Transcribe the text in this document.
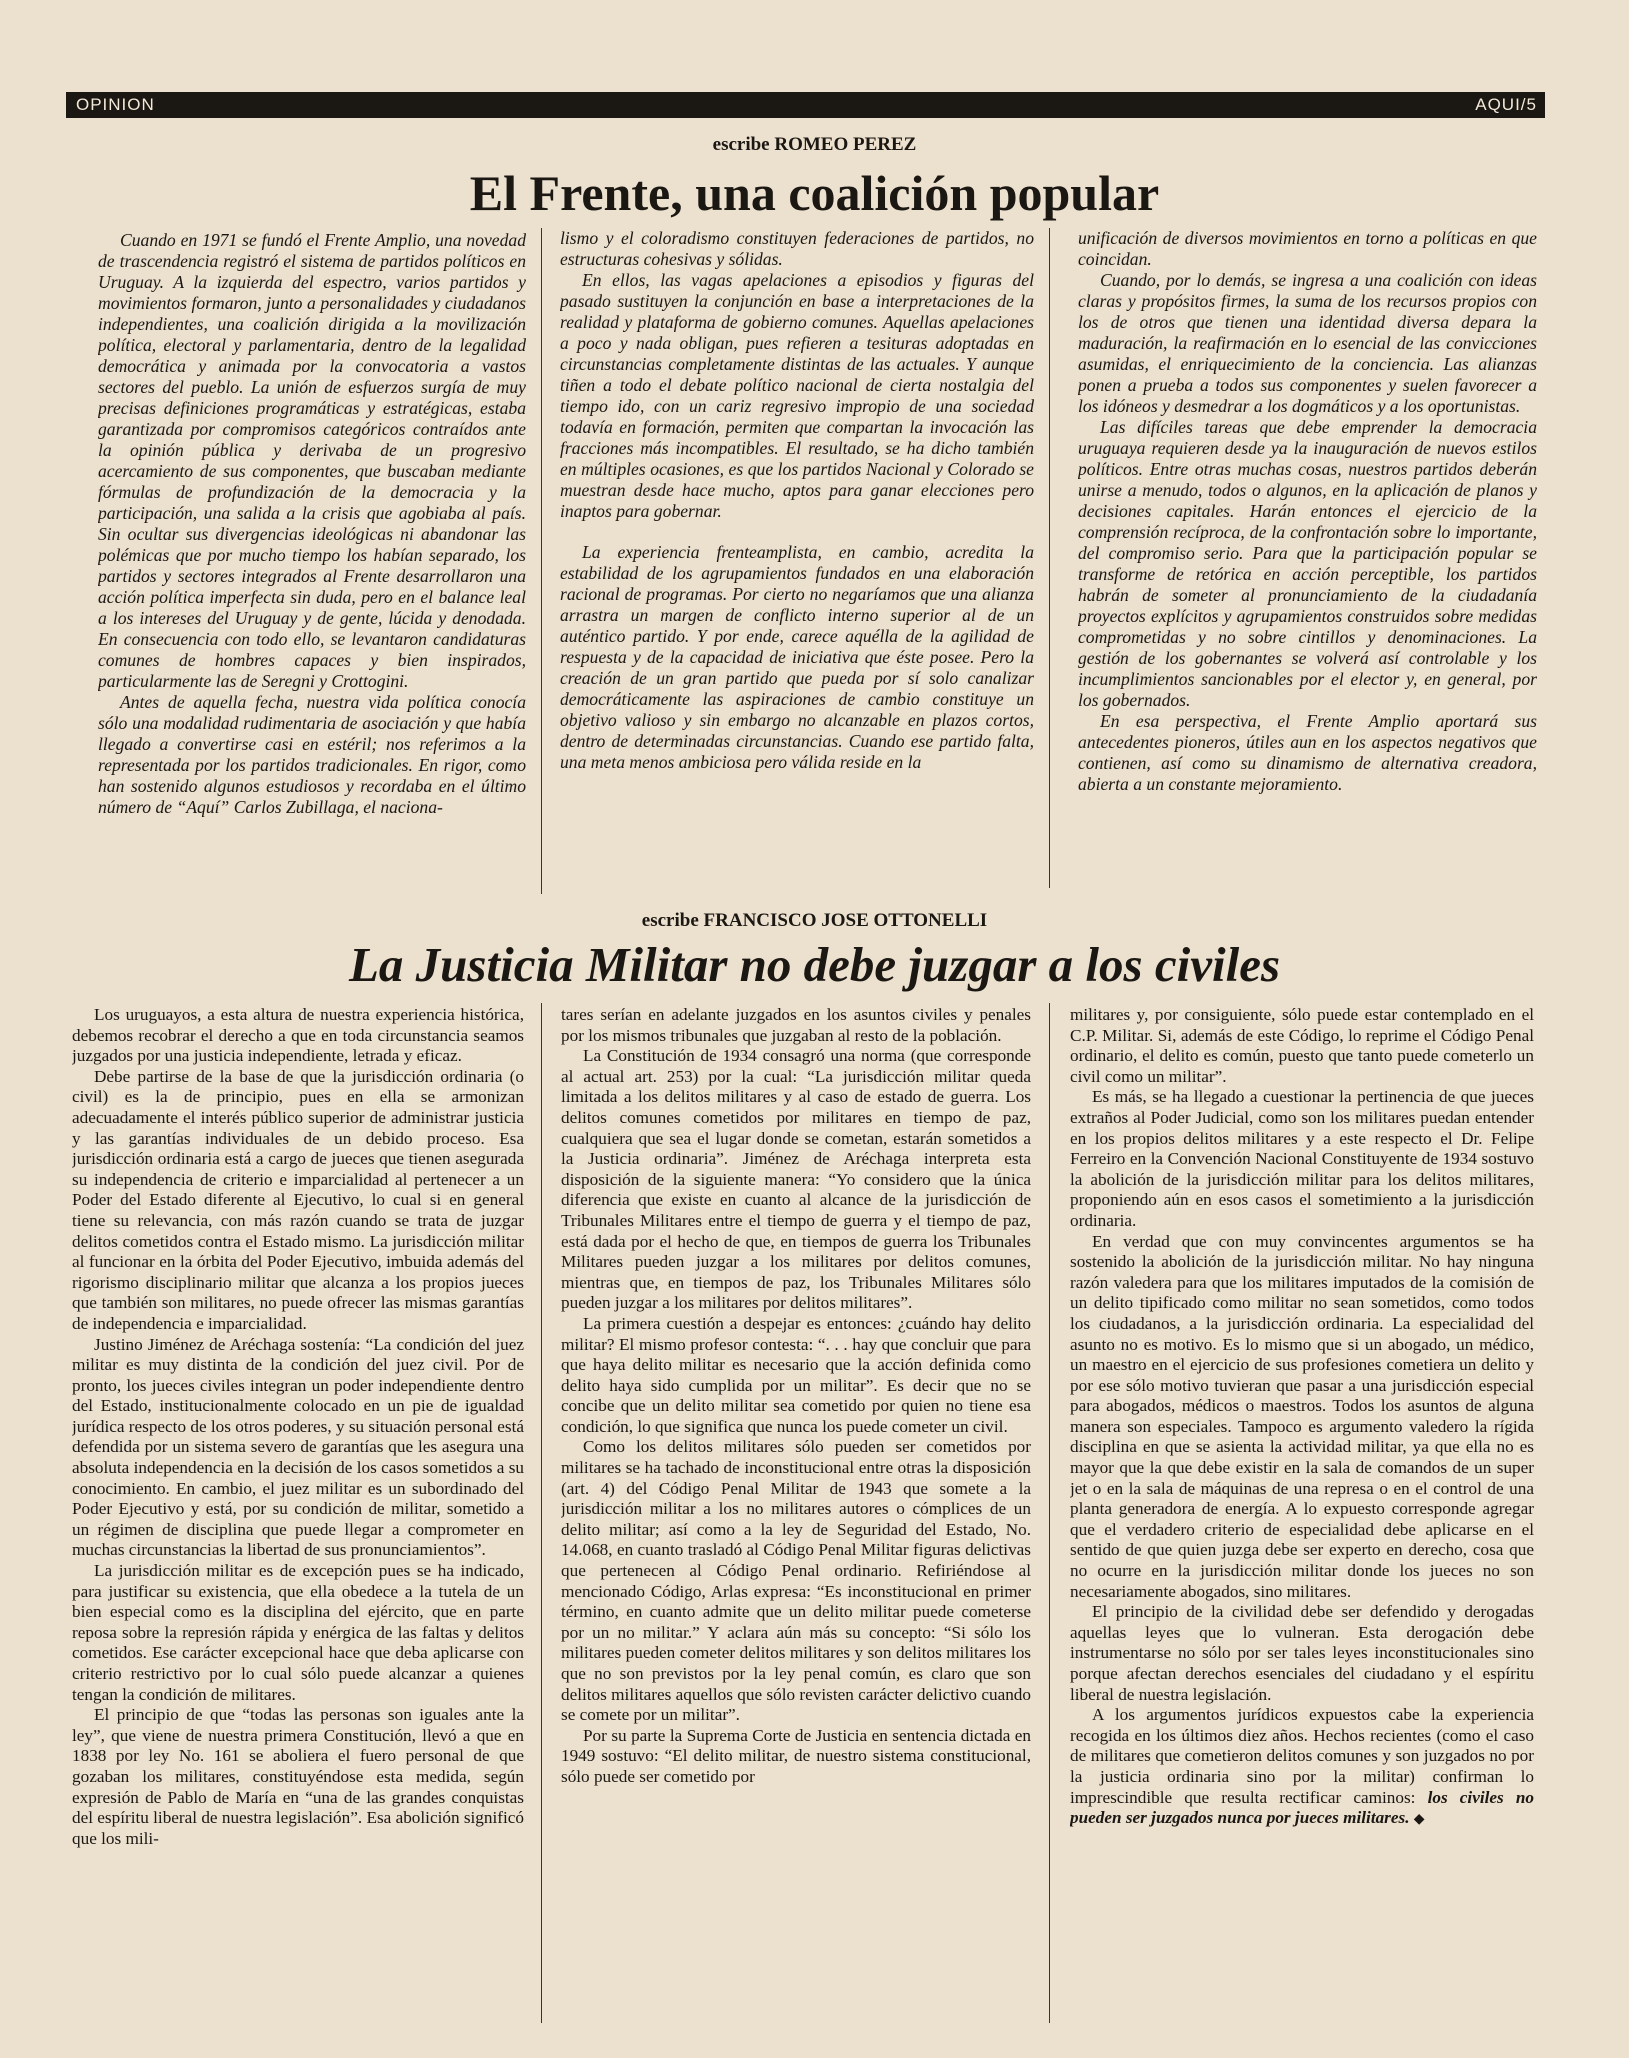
OPINION	AQUI/5
escribe ROMEO PEREZ
El Frente, una coalición popular

Cuando en 1971 se fundó el Frente Amplio, una novedad de trascendencia registró el sistema de partidos políticos en Uruguay. A la izquierda del espectro, varios partidos y movimientos formaron, junto a personalidades y ciudadanos independientes, una coalición dirigida a la movilización política, electoral y parlamentaria, dentro de la legalidad democrática y animada por la convocatoria a vastos sectores del pueblo. La unión de esfuerzos surgía de muy precisas definiciones programáticas y estratégicas, estaba garantizada por compromisos categóricos contraídos ante la opinión pública y derivaba de un progresivo acercamiento de sus componentes, que buscaban mediante fórmulas de profundización de la democracia y la participación, una salida a la crisis que agobiaba al país. Sin ocultar sus divergencias ideológicas ni abandonar las polémicas que por mucho tiempo los habían separado, los partidos y sectores integrados al Frente desarrollaron una acción política imperfecta sin duda, pero en el balance leal a los intereses del Uruguay y de gente, lúcida y denodada. En consecuencia con todo ello, se levantaron candidaturas comunes de hombres capaces y bien inspirados, particularmente las de Seregni y Crottogini.

Antes de aquella fecha, nuestra vida política conocía sólo una modalidad rudimentaria de asociación y que había llegado a convertirse casi en estéril; nos referimos a la representada por los partidos tradicionales. En rigor, como han sostenido algunos estudiosos y recordaba en el último número de “Aquí” Carlos Zubillaga, el naciona-

lismo y el coloradismo constituyen federaciones de partidos, no estructuras cohesivas y sólidas.

En ellos, las vagas apelaciones a episodios y figuras del pasado sustituyen la conjunción en base a interpretaciones de la realidad y plataforma de gobierno comunes. Aquellas apelaciones a poco y nada obligan, pues refieren a tesituras adoptadas en circunstancias completamente distintas de las actuales. Y aunque tiñen a todo el debate político nacional de cierta nostalgia del tiempo ido, con un cariz regresivo impropio de una sociedad todavía en formación, permiten que compartan la invocación las fracciones más incompatibles. El resultado, se ha dicho también en múltiples ocasiones, es que los partidos Nacional y Colorado se muestran desde hace mucho, aptos para ganar elecciones pero inaptos para gobernar.

La experiencia frenteamplista, en cambio, acredita la estabilidad de los agrupamientos fundados en una elaboración racional de programas. Por cierto no negaríamos que una alianza arrastra un margen de conflicto interno superior al de un auténtico partido. Y por ende, carece aquélla de la agilidad de respuesta y de la capacidad de iniciativa que éste posee. Pero la creación de un gran partido que pueda por sí solo canalizar democráticamente las aspiraciones de cambio constituye un objetivo valioso y sin embargo no alcanzable en plazos cortos, dentro de determinadas circunstancias. Cuando ese partido falta, una meta menos ambiciosa pero válida reside en la

unificación de diversos movimientos en torno a políticas en que coincidan.

Cuando, por lo demás, se ingresa a una coalición con ideas claras y propósitos firmes, la suma de los recursos propios con los de otros que tienen una identidad diversa depara la maduración, la reafirmación en lo esencial de las convicciones asumidas, el enriquecimiento de la conciencia. Las alianzas ponen a prueba a todos sus componentes y suelen favorecer a los idóneos y desmedrar a los dogmáticos y a los oportunistas.

Las difíciles tareas que debe emprender la democracia uruguaya requieren desde ya la inauguración de nuevos estilos políticos. Entre otras muchas cosas, nuestros partidos deberán unirse a menudo, todos o algunos, en la aplicación de planos y decisiones capitales. Harán entonces el ejercicio de la comprensión recíproca, de la confrontación sobre lo importante, del compromiso serio. Para que la participación popular se transforme de retórica en acción perceptible, los partidos habrán de someter al pronunciamiento de la ciudadanía proyectos explícitos y agrupamientos construidos sobre medidas comprometidas y no sobre cintillos y denominaciones. La gestión de los gobernantes se volverá así controlable y los incumplimientos sancionables por el elector y, en general, por los gobernados.

En esa perspectiva, el Frente Amplio aportará sus antecedentes pioneros, útiles aun en los aspectos negativos que contienen, así como su dinamismo de alternativa creadora, abierta a un constante mejoramiento.

escribe FRANCISCO JOSE OTTONELLI
La Justicia Militar no debe juzgar a los civiles

Los uruguayos, a esta altura de nuestra experiencia histórica, debemos recobrar el derecho a que en toda circunstancia seamos juzgados por una justicia independiente, letrada y eficaz.

Debe partirse de la base de que la jurisdicción ordinaria (o civil) es la de principio, pues en ella se armonizan adecuadamente el interés público superior de administrar justicia y las garantías individuales de un debido proceso. Esa jurisdicción ordinaria está a cargo de jueces que tienen asegurada su independencia de criterio e imparcialidad al pertenecer a un Poder del Estado diferente al Ejecutivo, lo cual si en general tiene su relevancia, con más razón cuando se trata de juzgar delitos cometidos contra el Estado mismo. La jurisdicción militar al funcionar en la órbita del Poder Ejecutivo, imbuida además del rigorismo disciplinario militar que alcanza a los propios jueces que también son militares, no puede ofrecer las mismas garantías de independencia e imparcialidad.

Justino Jiménez de Aréchaga sostenía: “La condición del juez militar es muy distinta de la condición del juez civil. Por de pronto, los jueces civiles integran un poder independiente dentro del Estado, institucionalmente colocado en un pie de igualdad jurídica respecto de los otros poderes, y su situación personal está defendida por un sistema severo de garantías que les asegura una absoluta independencia en la decisión de los casos sometidos a su conocimiento. En cambio, el juez militar es un subordinado del Poder Ejecutivo y está, por su condición de militar, sometido a un régimen de disciplina que puede llegar a comprometer en muchas circunstancias la libertad de sus pronunciamientos”.

La jurisdicción militar es de excepción pues se ha indicado, para justificar su existencia, que ella obedece a la tutela de un bien especial como es la disciplina del ejército, que en parte reposa sobre la represión rápida y enérgica de las faltas y delitos cometidos. Ese carácter excepcional hace que deba aplicarse con criterio restrictivo por lo cual sólo puede alcanzar a quienes tengan la condición de militares.

El principio de que “todas las personas son iguales ante la ley”, que viene de nuestra primera Constitución, llevó a que en 1838 por ley No. 161 se aboliera el fuero personal de que gozaban los militares, constituyéndose esta medida, según expresión de Pablo de María en “una de las grandes conquistas del espíritu liberal de nuestra legislación”. Esa abolición significó que los mili-

tares serían en adelante juzgados en los asuntos civiles y penales por los mismos tribunales que juzgaban al resto de la población.

La Constitución de 1934 consagró una norma (que corresponde al actual art. 253) por la cual: “La jurisdicción militar queda limitada a los delitos militares y al caso de estado de guerra. Los delitos comunes cometidos por militares en tiempo de paz, cualquiera que sea el lugar donde se cometan, estarán sometidos a la Justicia ordinaria”. Jiménez de Aréchaga interpreta esta disposición de la siguiente manera: “Yo considero que la única diferencia que existe en cuanto al alcance de la jurisdicción de Tribunales Militares entre el tiempo de guerra y el tiempo de paz, está dada por el hecho de que, en tiempos de guerra los Tribunales Militares pueden juzgar a los militares por delitos comunes, mientras que, en tiempos de paz, los Tribunales Militares sólo pueden juzgar a los militares por delitos militares”.

La primera cuestión a despejar es entonces: ¿cuándo hay delito militar? El mismo profesor contesta: “. . . hay que concluir que para que haya delito militar es necesario que la acción definida como delito haya sido cumplida por un militar”. Es decir que no se concibe que un delito militar sea cometido por quien no tiene esa condición, lo que significa que nunca los puede cometer un civil.

Como los delitos militares sólo pueden ser cometidos por militares se ha tachado de inconstitucional entre otras la disposición (art. 4) del Código Penal Militar de 1943 que somete a la jurisdicción militar a los no militares autores o cómplices de un delito militar; así como a la ley de Seguridad del Estado, No. 14.068, en cuanto trasladó al Código Penal Militar figuras delictivas que pertenecen al Código Penal ordinario. Refiriéndose al mencionado Código, Arlas expresa: “Es inconstitucional en primer término, en cuanto admite que un delito militar puede cometerse por un no militar.” Y aclara aún más su concepto: “Si sólo los militares pueden cometer delitos militares y son delitos militares los que no son previstos por la ley penal común, es claro que son delitos militares aquellos que sólo revisten carácter delictivo cuando se comete por un militar”.

Por su parte la Suprema Corte de Justicia en sentencia dictada en 1949 sostuvo: “El delito militar, de nuestro sistema constitucional, sólo puede ser cometido por

militares y, por consiguiente, sólo puede estar contemplado en el C.P. Militar. Si, además de este Código, lo reprime el Código Penal ordinario, el delito es común, puesto que tanto puede cometerlo un civil como un militar”.

Es más, se ha llegado a cuestionar la pertinencia de que jueces extraños al Poder Judicial, como son los militares puedan entender en los propios delitos militares y a este respecto el Dr. Felipe Ferreiro en la Convención Nacional Constituyente de 1934 sostuvo la abolición de la jurisdicción militar para los delitos militares, proponiendo aún en esos casos el sometimiento a la jurisdicción ordinaria.

En verdad que con muy convincentes argumentos se ha sostenido la abolición de la jurisdicción militar. No hay ninguna razón valedera para que los militares imputados de la comisión de un delito tipificado como militar no sean sometidos, como todos los ciudadanos, a la jurisdicción ordinaria. La especialidad del asunto no es motivo. Es lo mismo que si un abogado, un médico, un maestro en el ejercicio de sus profesiones cometiera un delito y por ese sólo motivo tuvieran que pasar a una jurisdicción especial para abogados, médicos o maestros. Todos los asuntos de alguna manera son especiales. Tampoco es argumento valedero la rígida disciplina en que se asienta la actividad militar, ya que ella no es mayor que la que debe existir en la sala de comandos de un super jet o en la sala de máquinas de una represa o en el control de una planta generadora de energía. A lo expuesto corresponde agregar que el verdadero criterio de especialidad debe aplicarse en el sentido de que quien juzga debe ser experto en derecho, cosa que no ocurre en la jurisdicción militar donde los jueces no son necesariamente abogados, sino militares.

El principio de la civilidad debe ser defendido y derogadas aquellas leyes que lo vulneran. Esta derogación debe instrumentarse no sólo por ser tales leyes inconstitucionales sino porque afectan derechos esenciales del ciudadano y el espíritu liberal de nuestra legislación.

A los argumentos jurídicos expuestos cabe la experiencia recogida en los últimos diez años. Hechos recientes (como el caso de militares que cometieron delitos comunes y son juzgados no por la justicia ordinaria sino por la militar) confirman lo imprescindible que resulta rectificar caminos: los civiles no pueden ser juzgados nunca por jueces militares. ◆
